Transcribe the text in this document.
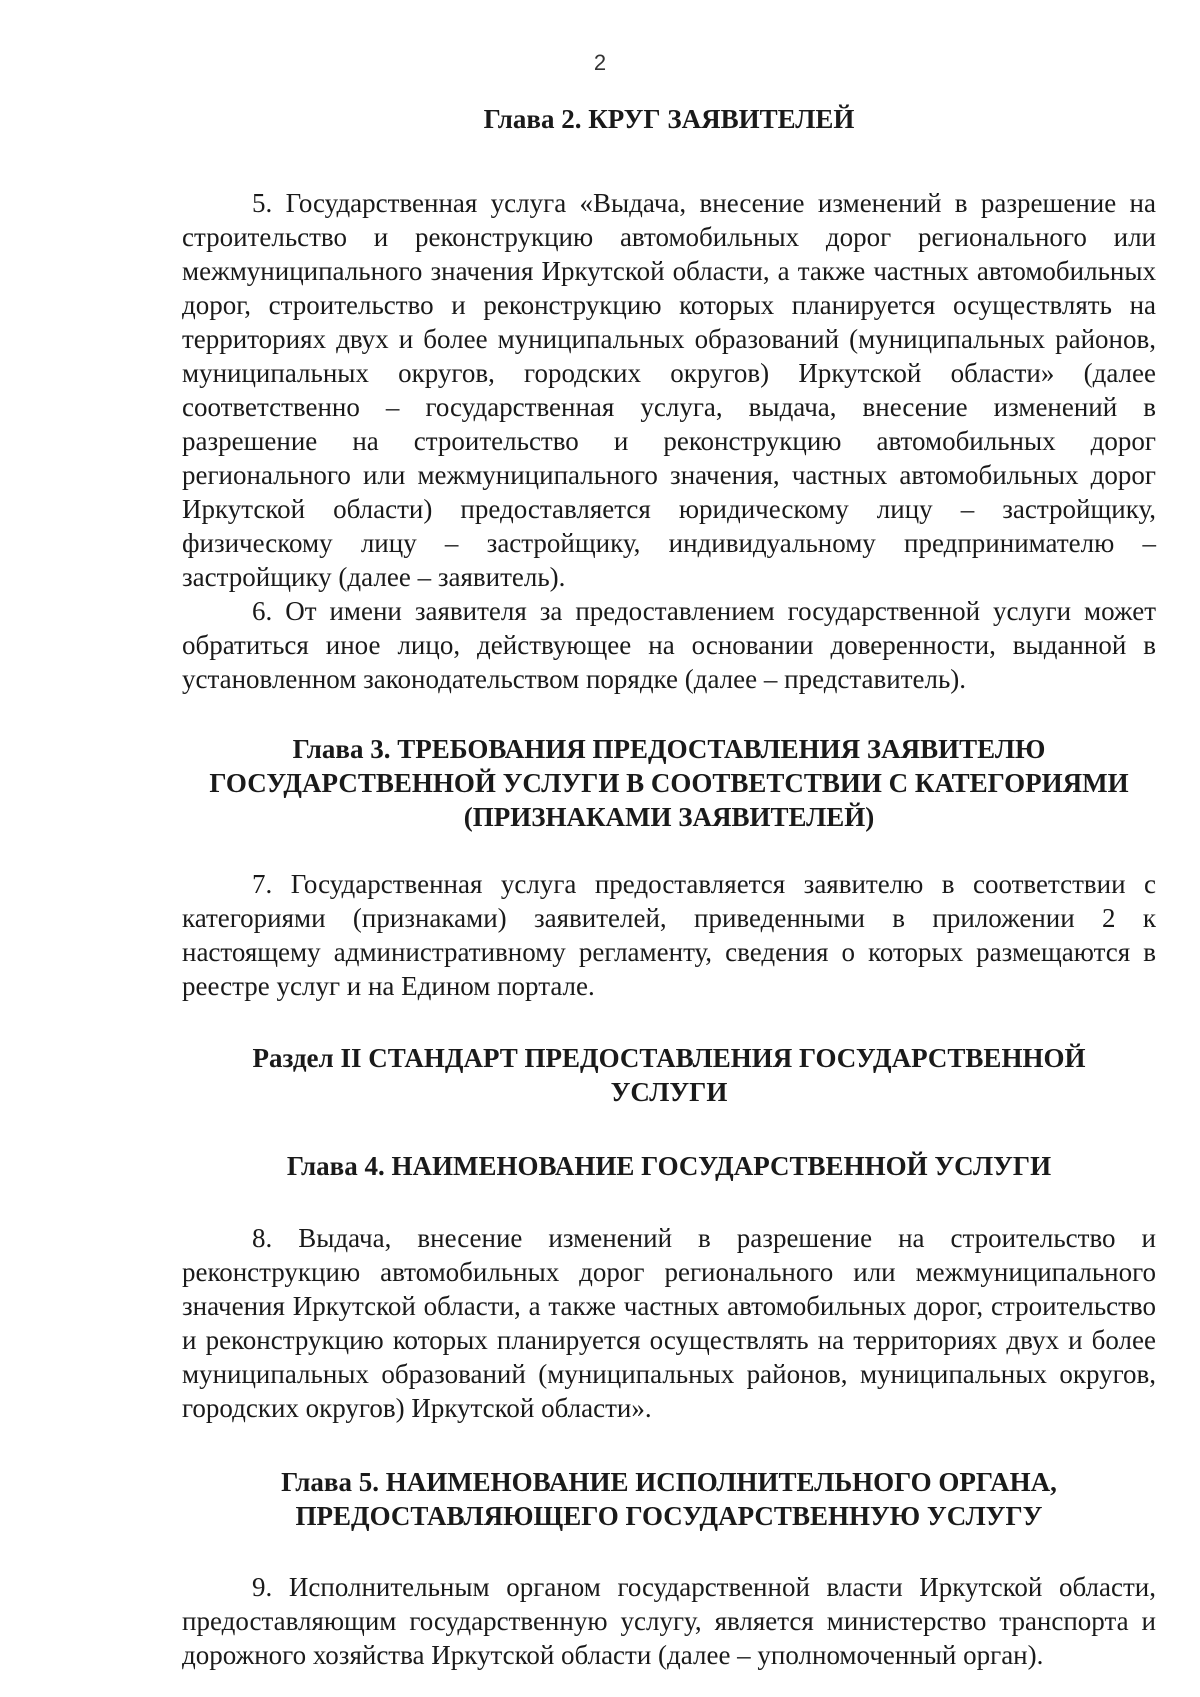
2
Глава 2. КРУГ ЗАЯВИТЕЛЕЙ

5. Государственная услуга «Выдача, внесение изменений в разрешение на строительство и реконструкцию автомобильных дорог регионального или межмуниципального значения Иркутской области, а также частных автомобильных дорог, строительство и реконструкцию которых планируется осуществлять на территориях двух и более муниципальных образований (муниципальных районов, муниципальных округов, городских округов) Иркутской области» (далее соответственно – государственная услуга, выдача, внесение изменений в разрешение на строительство и реконструкцию автомобильных дорог регионального или межмуниципального значения, частных автомобильных дорог Иркутской области) предоставляется юридическому лицу – застройщику, физическому лицу – застройщику, индивидуальному предпринимателю – застройщику (далее – заявитель).

6. От имени заявителя за предоставлением государственной услуги может обратиться иное лицо, действующее на основании доверенности, выданной в установленном законодательством порядке (далее – представитель).

Глава 3. ТРЕБОВАНИЯ ПРЕДОСТАВЛЕНИЯ ЗАЯВИТЕЛЮ
ГОСУДАРСТВЕННОЙ УСЛУГИ В СООТВЕТСТВИИ С КАТЕГОРИЯМИ
(ПРИЗНАКАМИ ЗАЯВИТЕЛЕЙ)

7. Государственная услуга предоставляется заявителю в соответствии с категориями (признаками) заявителей, приведенными в приложении 2 к настоящему административному регламенту, сведения о которых размещаются в реестре услуг и на Едином портале.

Раздел II СТАНДАРТ ПРЕДОСТАВЛЕНИЯ ГОСУДАРСТВЕННОЙ
УСЛУГИ
Глава 4. НАИМЕНОВАНИЕ ГОСУДАРСТВЕННОЙ УСЛУГИ

8. Выдача, внесение изменений в разрешение на строительство и реконструкцию автомобильных дорог регионального или межмуниципального значения Иркутской области, а также частных автомобильных дорог, строительство и реконструкцию которых планируется осуществлять на территориях двух и более муниципальных образований (муниципальных районов, муниципальных округов, городских округов) Иркутской области».

Глава 5. НАИМЕНОВАНИЕ ИСПОЛНИТЕЛЬНОГО ОРГАНА,
ПРЕДОСТАВЛЯЮЩЕГО ГОСУДАРСТВЕННУЮ УСЛУГУ

9. Исполнительным органом государственной власти Иркутской области, предоставляющим государственную услугу, является министерство транспорта и дорожного хозяйства Иркутской области (далее – уполномоченный орган).
